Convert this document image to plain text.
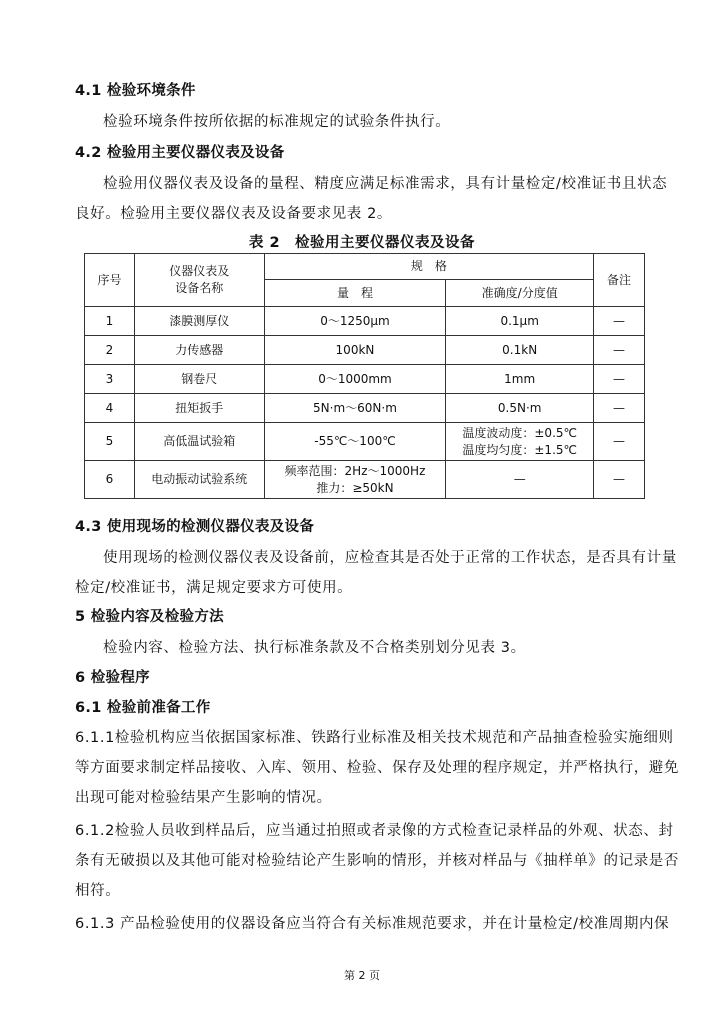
4.1 检验环境条件
检验环境条件按所依据的标准规定的试验条件执行。
4.2 检验用主要仪器仪表及设备
检验用仪器仪表及设备的量程、精度应满足标准需求，具有计量检定/校准证书且状态
良好。检验用主要仪器仪表及设备要求见表 2。
表 2　检验用主要仪器仪表及设备
序号	仪器仪表及
设备名称	规　格		备注
		量　程	准确度/分度值	
1	漆膜测厚仪	0～1250μm	0.1μm	—
2	力传感器	100kN	0.1kN	—
3	钢卷尺	0～1000mm	1mm	—
4	扭矩扳手	5N·m～60N·m	0.5N·m	—
5	高低温试验箱	-55℃～100℃	温度波动度：±0.5℃
温度均匀度：±1.5℃	—
6	电动振动试验系统	频率范围：2Hz～1000Hz
推力：≥50kN	—	—
4.3 使用现场的检测仪器仪表及设备
使用现场的检测仪器仪表及设备前，应检查其是否处于正常的工作状态，是否具有计量
检定/校准证书，满足规定要求方可使用。
5 检验内容及检验方法
检验内容、检验方法、执行标准条款及不合格类别划分见表 3。
6 检验程序
6.1 检验前准备工作
6.1.1检验机构应当依据国家标准、铁路行业标准及相关技术规范和产品抽查检验实施细则
等方面要求制定样品接收、入库、领用、检验、保存及处理的程序规定，并严格执行，避免
出现可能对检验结果产生影响的情况。
6.1.2检验人员收到样品后，应当通过拍照或者录像的方式检查记录样品的外观、状态、封
条有无破损以及其他可能对检验结论产生影响的情形，并核对样品与《抽样单》的记录是否
相符。
6.1.3 产品检验使用的仪器设备应当符合有关标准规范要求，并在计量检定/校准周期内保
第 2 页
